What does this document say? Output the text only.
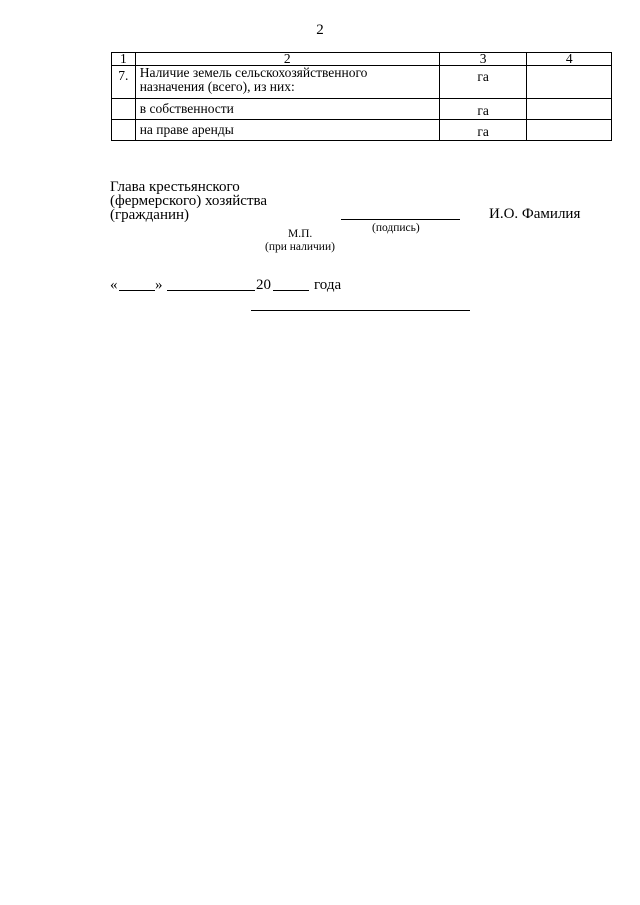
2
1	2	3	4
7.	Наличие земель сельскохозяйственного
назначения (всего), из них:	га	
	в собственности	га	
	на праве аренды	га	
Глава крестьянского
(фермерского) хозяйства
(гражданин)
(подпись)
И.О. Фамилия
М.П.
(при наличии)
«	»	20	года
